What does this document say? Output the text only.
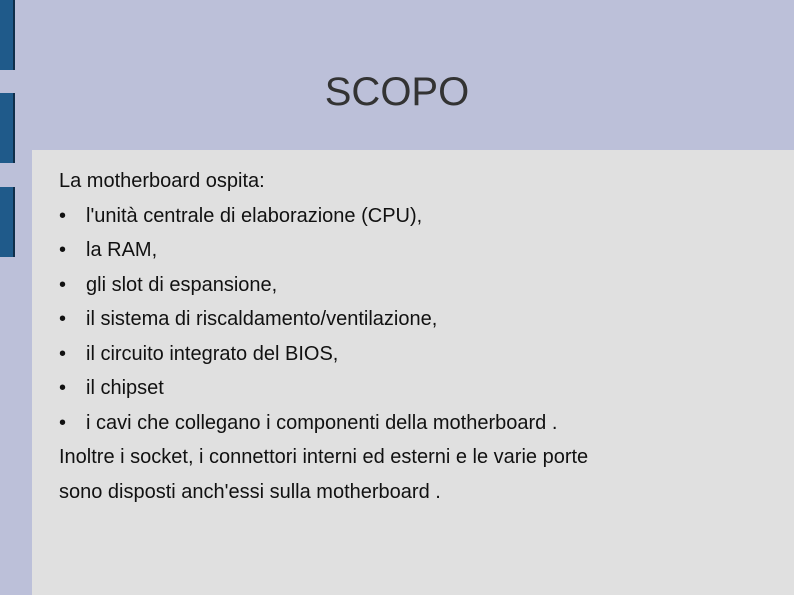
SCOPO
La motherboard ospita:
• l'unità centrale di elaborazione (CPU),
• la RAM,
• gli slot di espansione,
• il sistema di riscaldamento/ventilazione,
• il circuito integrato del BIOS,
• il chipset
• i cavi che collegano i componenti della motherboard .
Inoltre i socket, i connettori interni ed esterni e le varie porte
sono disposti anch'essi sulla motherboard .
